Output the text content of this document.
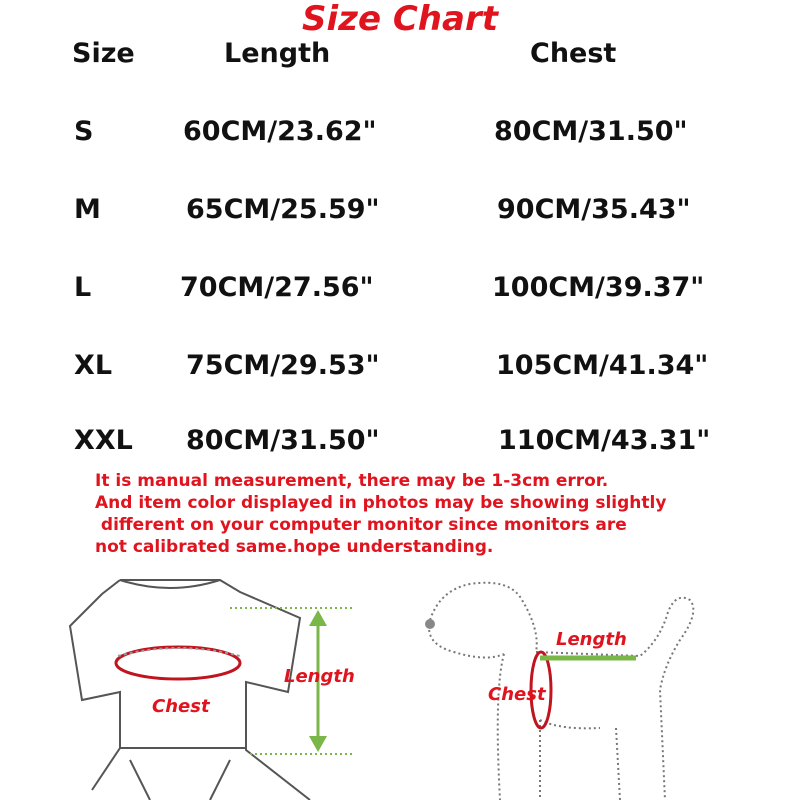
Size Chart
Size	Length	Chest
S	60CM/23.62"	80CM/31.50"
M	65CM/25.59"	90CM/35.43"
L	70CM/27.56"	100CM/39.37"
XL	75CM/29.53"	105CM/41.34"
XXL 80CM/31.50"	110CM/43.31"
It is manual measurement, there may be 1-3cm error.
And item color displayed in photos may be showing slightly
different on your computer monitor since monitors are
not calibrated same.hope understanding.
Length
Chest
Length
Chest
